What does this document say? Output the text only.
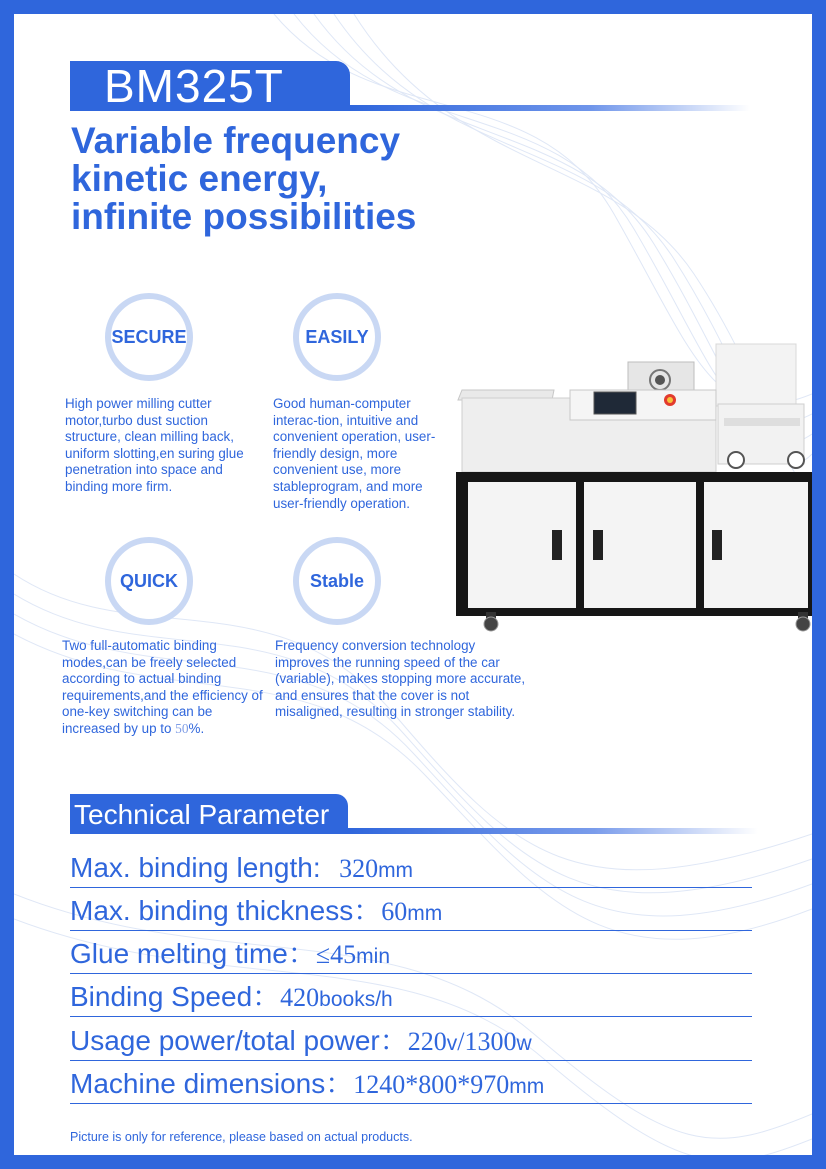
BM325T
Variable frequency kinetic energy, infinite possibilities
SECURE
High power milling cutter motor,turbo dust suction structure, clean milling back, uniform slotting,en suring glue penetration into space and binding more firm.
EASILY
Good human-computer interac-tion, intuitive and convenient operation, user-friendly design, more convenient use, more stableprogram, and more user-friendly operation.
QUICK
Two full-automatic binding modes,can be freely selected according to actual binding requirements,and the efficiency of one-key switching can be increased by up to 50%.
Stable
Frequency conversion technology improves the running speed of the car (variable), makes stopping more accurate, and ensures that the cover is not misaligned, resulting in stronger stability.
Technical Parameter
Max. binding length: 320mm
Max. binding thickness：60mm
Glue melting time：≤45min
Binding Speed：420books/h
Usage power/total power：220v/1300w
Machine dimensions：1240*800*970mm
Picture is only for reference, please based on actual products.
